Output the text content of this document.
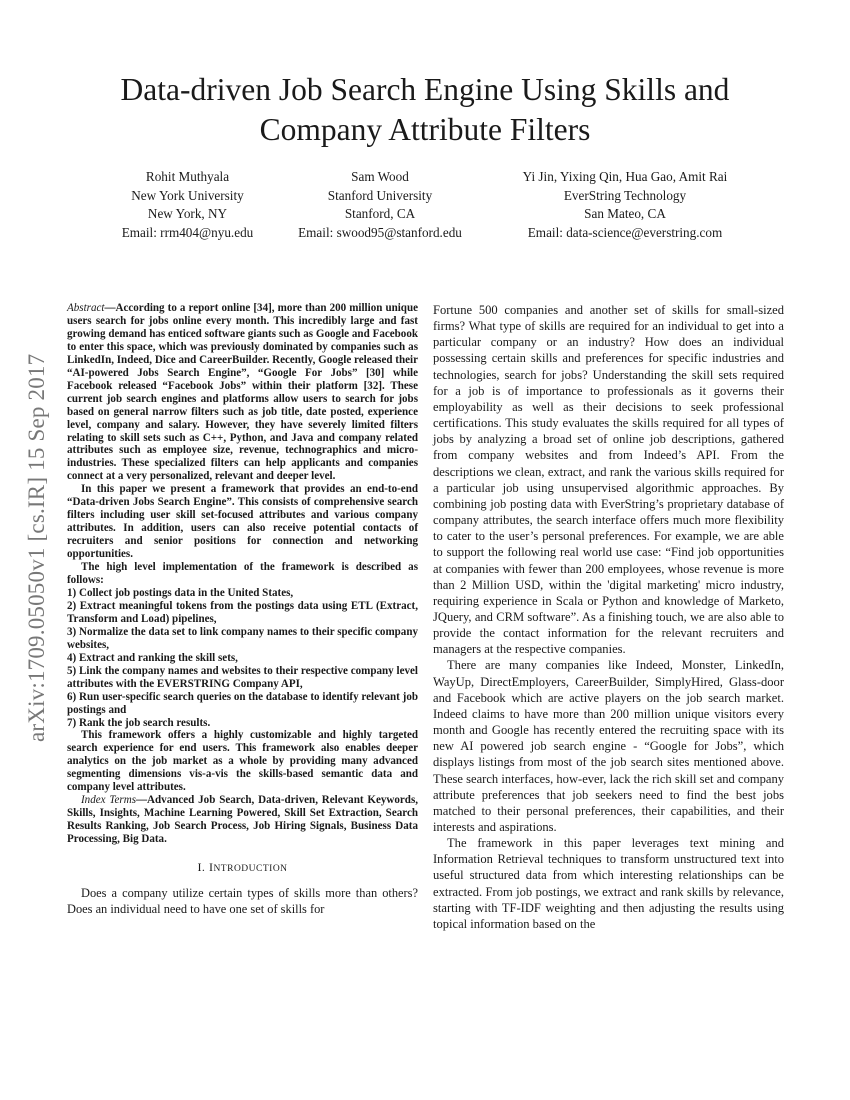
Data-driven Job Search Engine Using Skills and Company Attribute Filters
Rohit Muthyala
New York University
New York, NY
Email: rrm404@nyu.edu
Sam Wood
Stanford University
Stanford, CA
Email: swood95@stanford.edu
Yi Jin, Yixing Qin, Hua Gao, Amit Rai
EverString Technology
San Mateo, CA
Email: data-science@everstring.com
arXiv:1709.05050v1 [cs.IR] 15 Sep 2017

Abstract—According to a report online [34], more than 200 million unique users search for jobs online every month. This incredibly large and fast growing demand has enticed software giants such as Google and Facebook to enter this space, which was previously dominated by companies such as LinkedIn, Indeed, Dice and CareerBuilder. Recently, Google released their “AI-powered Jobs Search Engine”, “Google For Jobs” [30] while Facebook released “Facebook Jobs” within their platform [32]. These current job search engines and platforms allow users to search for jobs based on general narrow filters such as job title, date posted, experience level, company and salary. However, they have severely limited filters relating to skill sets such as C++, Python, and Java and company related attributes such as employee size, revenue, technographics and micro-industries. These specialized filters can help applicants and companies connect at a very personalized, relevant and deeper level.

In this paper we present a framework that provides an end-to-end “Data-driven Jobs Search Engine”. This consists of comprehensive search filters including user skill set-focused attributes and various company attributes. In addition, users can also receive potential contacts of recruiters and senior positions for connection and networking opportunities.

The high level implementation of the framework is described as follows:

1) Collect job postings data in the United States,

2) Extract meaningful tokens from the postings data using ETL (Extract, Transform and Load) pipelines,

3) Normalize the data set to link company names to their specific company websites,

4) Extract and ranking the skill sets,

5) Link the company names and websites to their respective company level attributes with the EVERSTRING Company API,

6) Run user-specific search queries on the database to identify relevant job postings and

7) Rank the job search results.

This framework offers a highly customizable and highly targeted search experience for end users. This framework also enables deeper analytics on the job market as a whole by providing many advanced segmenting dimensions vis-a-vis the skills-based semantic data and company level attributes.

Index Terms—Advanced Job Search, Data-driven, Relevant Keywords, Skills, Insights, Machine Learning Powered, Skill Set Extraction, Search Results Ranking, Job Search Process, Job Hiring Signals, Business Data Processing, Big Data.

I. INTRODUCTION

Does a company utilize certain types of skills more than others? Does an individual need to have one set of skills for

Fortune 500 companies and another set of skills for small-sized firms? What type of skills are required for an individual to get into a particular company or an industry? How does an individual possessing certain skills and preferences for specific industries and technologies, search for jobs? Understanding the skill sets required for a job is of importance to professionals as it governs their employability as well as their decisions to seek professional certifications. This study evaluates the skills required for all types of jobs by analyzing a broad set of online job descriptions, gathered from company websites and from Indeed’s API. From the descriptions we clean, extract, and rank the various skills required for a particular job using unsupervised algorithmic approaches. By combining job posting data with EverString’s proprietary database of company attributes, the search interface offers much more flexibility to cater to the user’s personal preferences. For example, we are able to support the following real world use case: “Find job opportunities at companies with fewer than 200 employees, whose revenue is more than 2 Million USD, within the 'digital marketing' micro industry, requiring experience in Scala or Python and knowledge of Marketo, JQuery, and CRM software”. As a finishing touch, we are also able to provide the contact information for the relevant recruiters and managers at the respective companies.

There are many companies like Indeed, Monster, LinkedIn, WayUp, DirectEmployers, CareerBuilder, SimplyHired, Glass-door and Facebook which are active players on the job search market. Indeed claims to have more than 200 million unique visitors every month and Google has recently entered the recruiting space with its new AI powered job search engine - “Google for Jobs”, which displays listings from most of the job search sites mentioned above. These search interfaces, how-ever, lack the rich skill set and company attribute preferences that job seekers need to find the best jobs matched to their personal preferences, their capabilities, and their interests and aspirations.

The framework in this paper leverages text mining and Information Retrieval techniques to transform unstructured text into useful structured data from which interesting relationships can be extracted. From job postings, we extract and rank skills by relevance, starting with TF-IDF weighting and then adjusting the results using topical information based on the
